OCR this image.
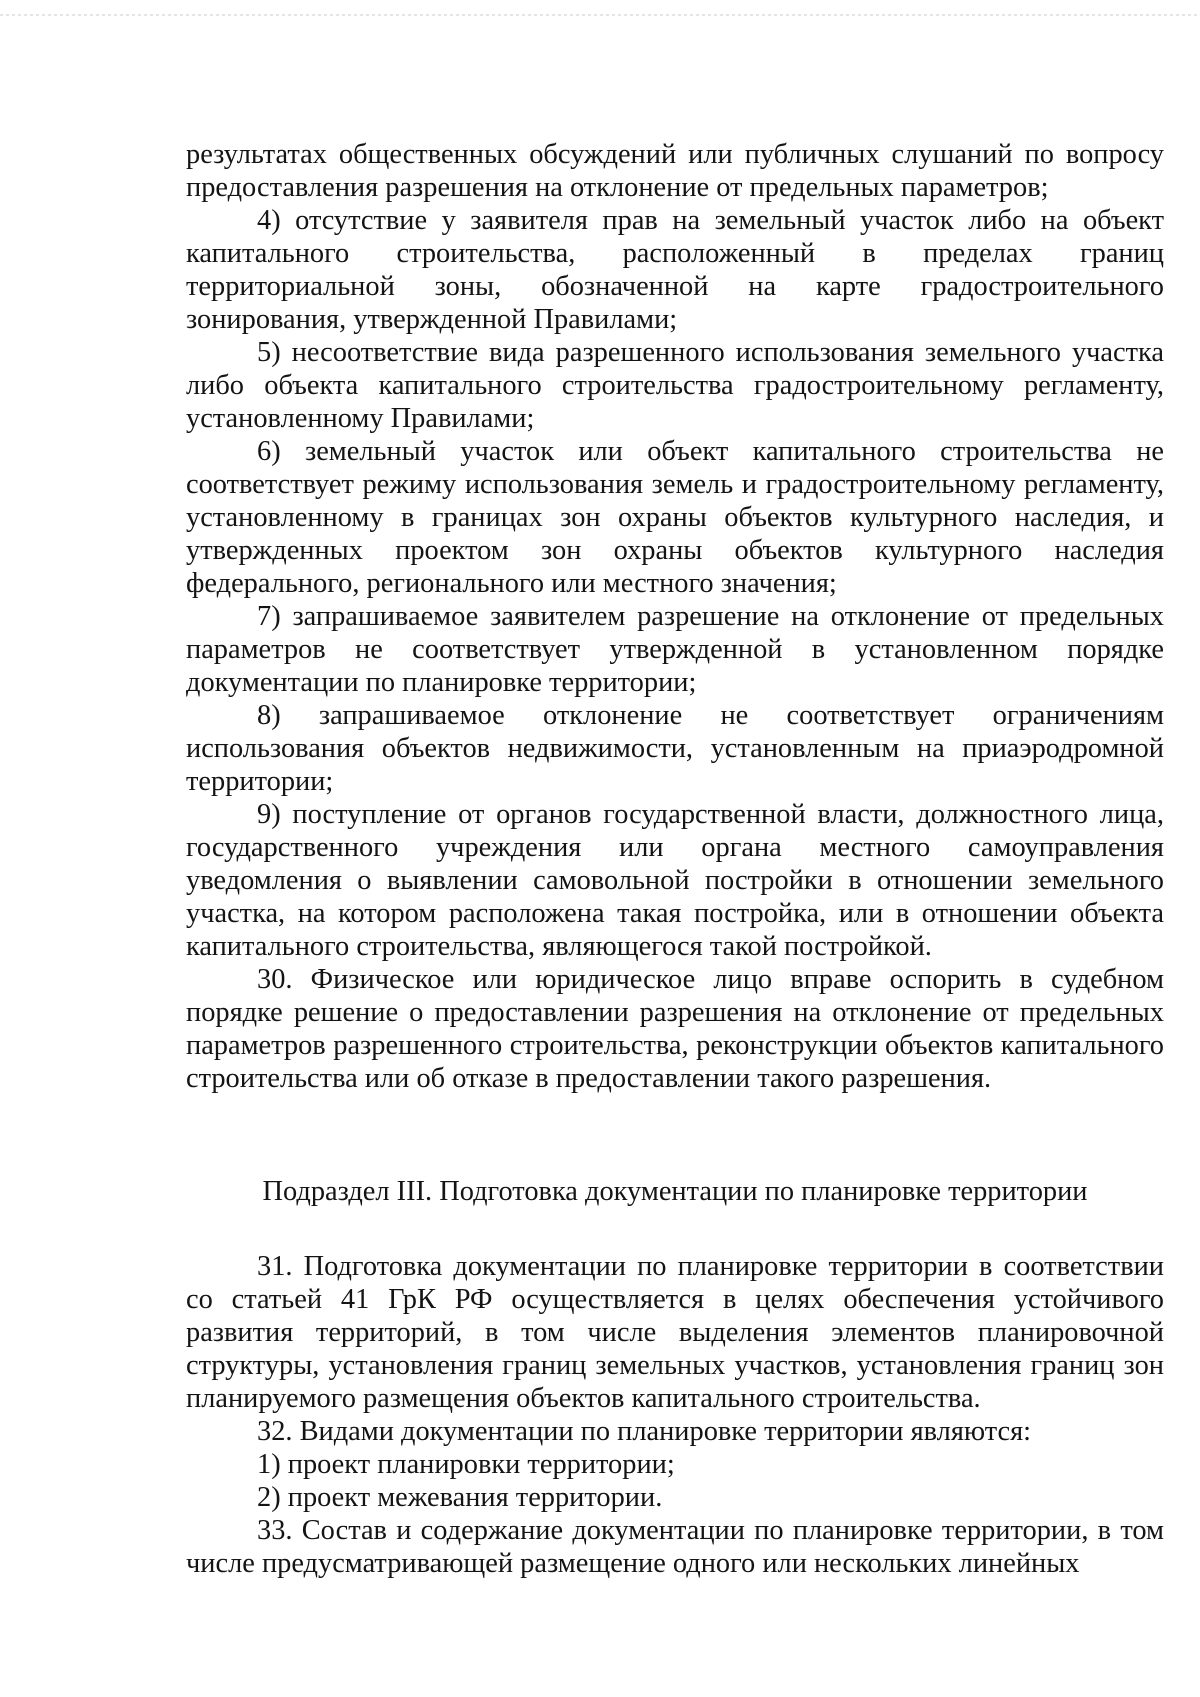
результатах общественных обсуждений или публичных слушаний по вопросу предоставления разрешения на отклонение от предельных параметров;

4) отсутствие у заявителя прав на земельный участок либо на объект капитального строительства, расположенный в пределах границ территориальной зоны, обозначенной на карте градостроительного зонирования, утвержденной Правилами;

5) несоответствие вида разрешенного использования земельного участка либо объекта капитального строительства градостроительному регламенту, установленному Правилами;

6) земельный участок или объект капитального строительства не соответствует режиму использования земель и градостроительному регламенту, установленному в границах зон охраны объектов культурного наследия, и утвержденных проектом зон охраны объектов культурного наследия федерального, регионального или местного значения;

7) запрашиваемое заявителем разрешение на отклонение от предельных параметров не соответствует утвержденной в установленном порядке документации по планировке территории;

8) запрашиваемое отклонение не соответствует ограничениям использования объектов недвижимости, установленным на приаэродромной территории;

9) поступление от органов государственной власти, должностного лица, государственного учреждения или органа местного самоуправления уведомления о выявлении самовольной постройки в отношении земельного участка, на котором расположена такая постройка, или в отношении объекта капитального строительства, являющегося такой постройкой.

30. Физическое или юридическое лицо вправе оспорить в судебном порядке решение о предоставлении разрешения на отклонение от предельных параметров разрешенного строительства, реконструкции объектов капитального строительства или об отказе в предоставлении такого разрешения.

Подраздел III. Подготовка документации по планировке территории

31. Подготовка документации по планировке территории в соответствии со статьей 41 ГрК РФ осуществляется в целях обеспечения устойчивого развития территорий, в том числе выделения элементов планировочной структуры, установления границ земельных участков, установления границ зон планируемого размещения объектов капитального строительства.

32. Видами документации по планировке территории являются:

1) проект планировки территории;

2) проект межевания территории.

33. Состав и содержание документации по планировке территории, в том числе предусматривающей размещение одного или нескольких линейных
